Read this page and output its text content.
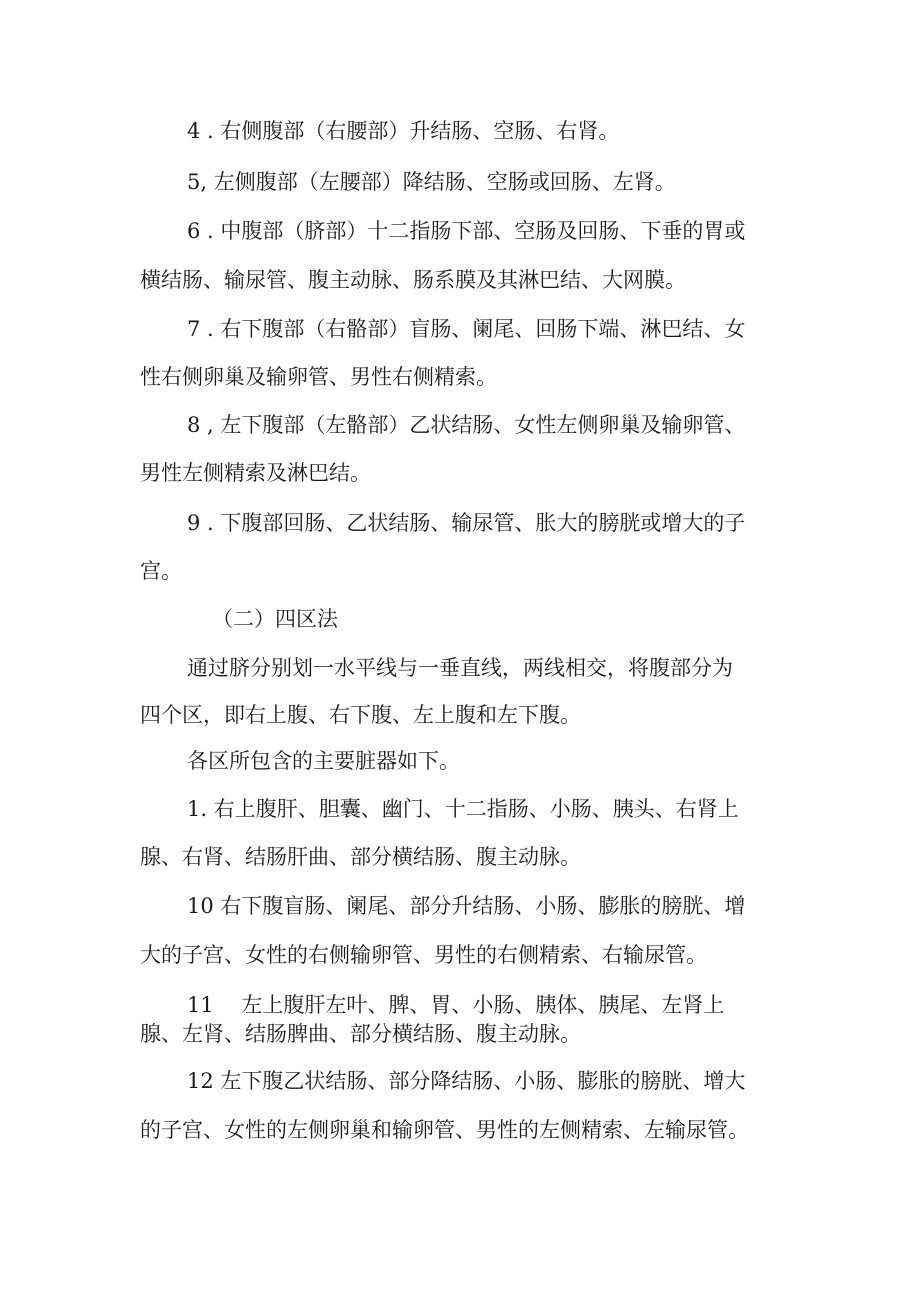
4 . 右侧腹部（右腰部）升结肠、空肠、右肾。
5, 左侧腹部（左腰部）降结肠、空肠或回肠、左肾。
6 . 中腹部（脐部）十二指肠下部、空肠及回肠、下垂的胃或
横结肠、输尿管、腹主动脉、肠系膜及其淋巴结、大网膜。
7 . 右下腹部（右骼部）盲肠、阑尾、回肠下端、淋巴结、女
性右侧卵巢及输卵管、男性右侧精索。
8 , 左下腹部（左骼部）乙状结肠、女性左侧卵巢及输卵管、
男性左侧精索及淋巴结。
9 . 下腹部回肠、乙状结肠、输尿管、胀大的膀胱或增大的子
宫。
（二）四区法
通过脐分别划一水平线与一垂直线，两线相交，将腹部分为
四个区，即右上腹、右下腹、左上腹和左下腹。
各区所包含的主要脏器如下。
1. 右上腹肝、胆囊、幽门、十二指肠、小肠、胰头、右肾上
腺、右肾、结肠肝曲、部分横结肠、腹主动脉。
10 右下腹盲肠、阑尾、部分升结肠、小肠、膨胀的膀胱、增
大的子宫、女性的右侧输卵管、男性的右侧精索、右输尿管。
11　 左上腹肝左叶、脾、胃、小肠、胰体、胰尾、左肾上
腺、左肾、结肠脾曲、部分横结肠、腹主动脉。
12 左下腹乙状结肠、部分降结肠、小肠、膨胀的膀胱、增大
的子宫、女性的左侧卵巢和输卵管、男性的左侧精索、左输尿管。
